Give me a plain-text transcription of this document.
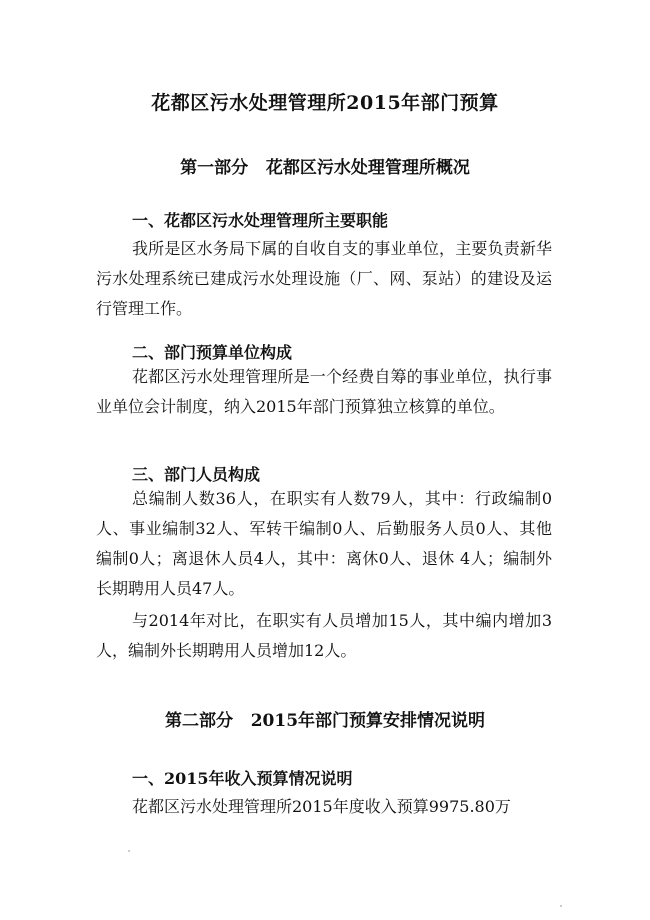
花都区污水处理管理所2015年部门预算
第一部分   花都区污水处理管理所概况
一、花都区污水处理管理所主要职能

我所是区水务局下属的自收自支的事业单位，主要负责新华污水处理系统已建成污水处理设施（厂、网、泵站）的建设及运行管理工作。

二、部门预算单位构成

花都区污水处理管理所是一个经费自筹的事业单位，执行事业单位会计制度，纳入2015年部门预算独立核算的单位。

三、部门人员构成

总编制人数36人，在职实有人数79人，其中：行政编制0人、事业编制32人、军转干编制0人、后勤服务人员0人、其他编制0人；离退休人员4人，其中：离休0人、退休 4人；编制外长期聘用人员47人。

与2014年对比，在职实有人员增加15人，其中编内增加3人，编制外长期聘用人员增加12人。

第二部分   2015年部门预算安排情况说明
一、2015年收入预算情况说明

花都区污水处理管理所2015年度收入预算9975.80万
